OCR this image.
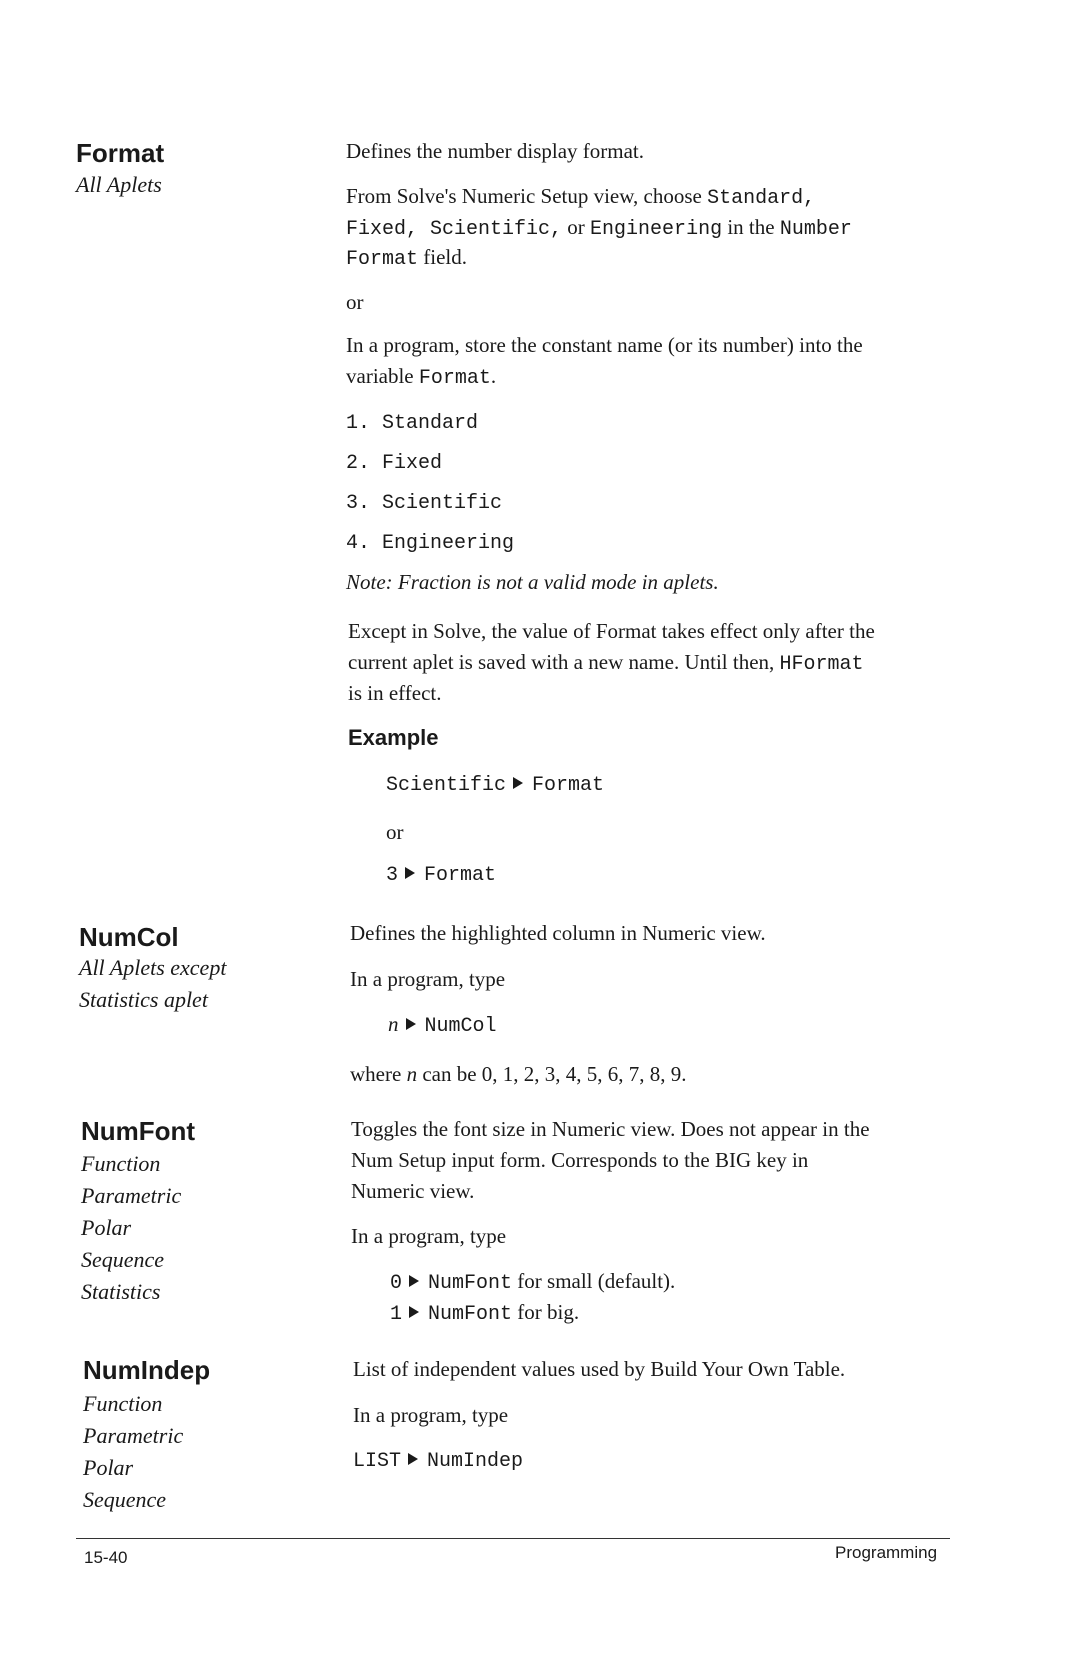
Format
All Aplets
Defines the number display format.
From Solve's Numeric Setup view, choose Standard,
Fixed, Scientific, or Engineering in the Number
Format field.
or
In a program, store the constant name (or its number) into the
variable Format.
1. Standard
2. Fixed
3. Scientific
4. Engineering
Note: Fraction is not a valid mode in aplets.
Except in Solve, the value of Format takes effect only after the
current aplet is saved with a new name. Until then, HFormat
is in effect.
Example
Scientific Format
or
3 Format
NumCol
All Aplets except
Statistics aplet
Defines the highlighted column in Numeric view.
In a program, type
n NumCol
where n can be 0, 1, 2, 3, 4, 5, 6, 7, 8, 9.
NumFont
Function
Parametric
Polar
Sequence
Statistics
Toggles the font size in Numeric view. Does not appear in the
Num Setup input form. Corresponds to the BIG key in
Numeric view.
In a program, type
0 NumFont for small (default).
1 NumFont for big.
NumIndep
Function
Parametric
Polar
Sequence
List of independent values used by Build Your Own Table.
In a program, type
LIST NumIndep
15-40	Programming
